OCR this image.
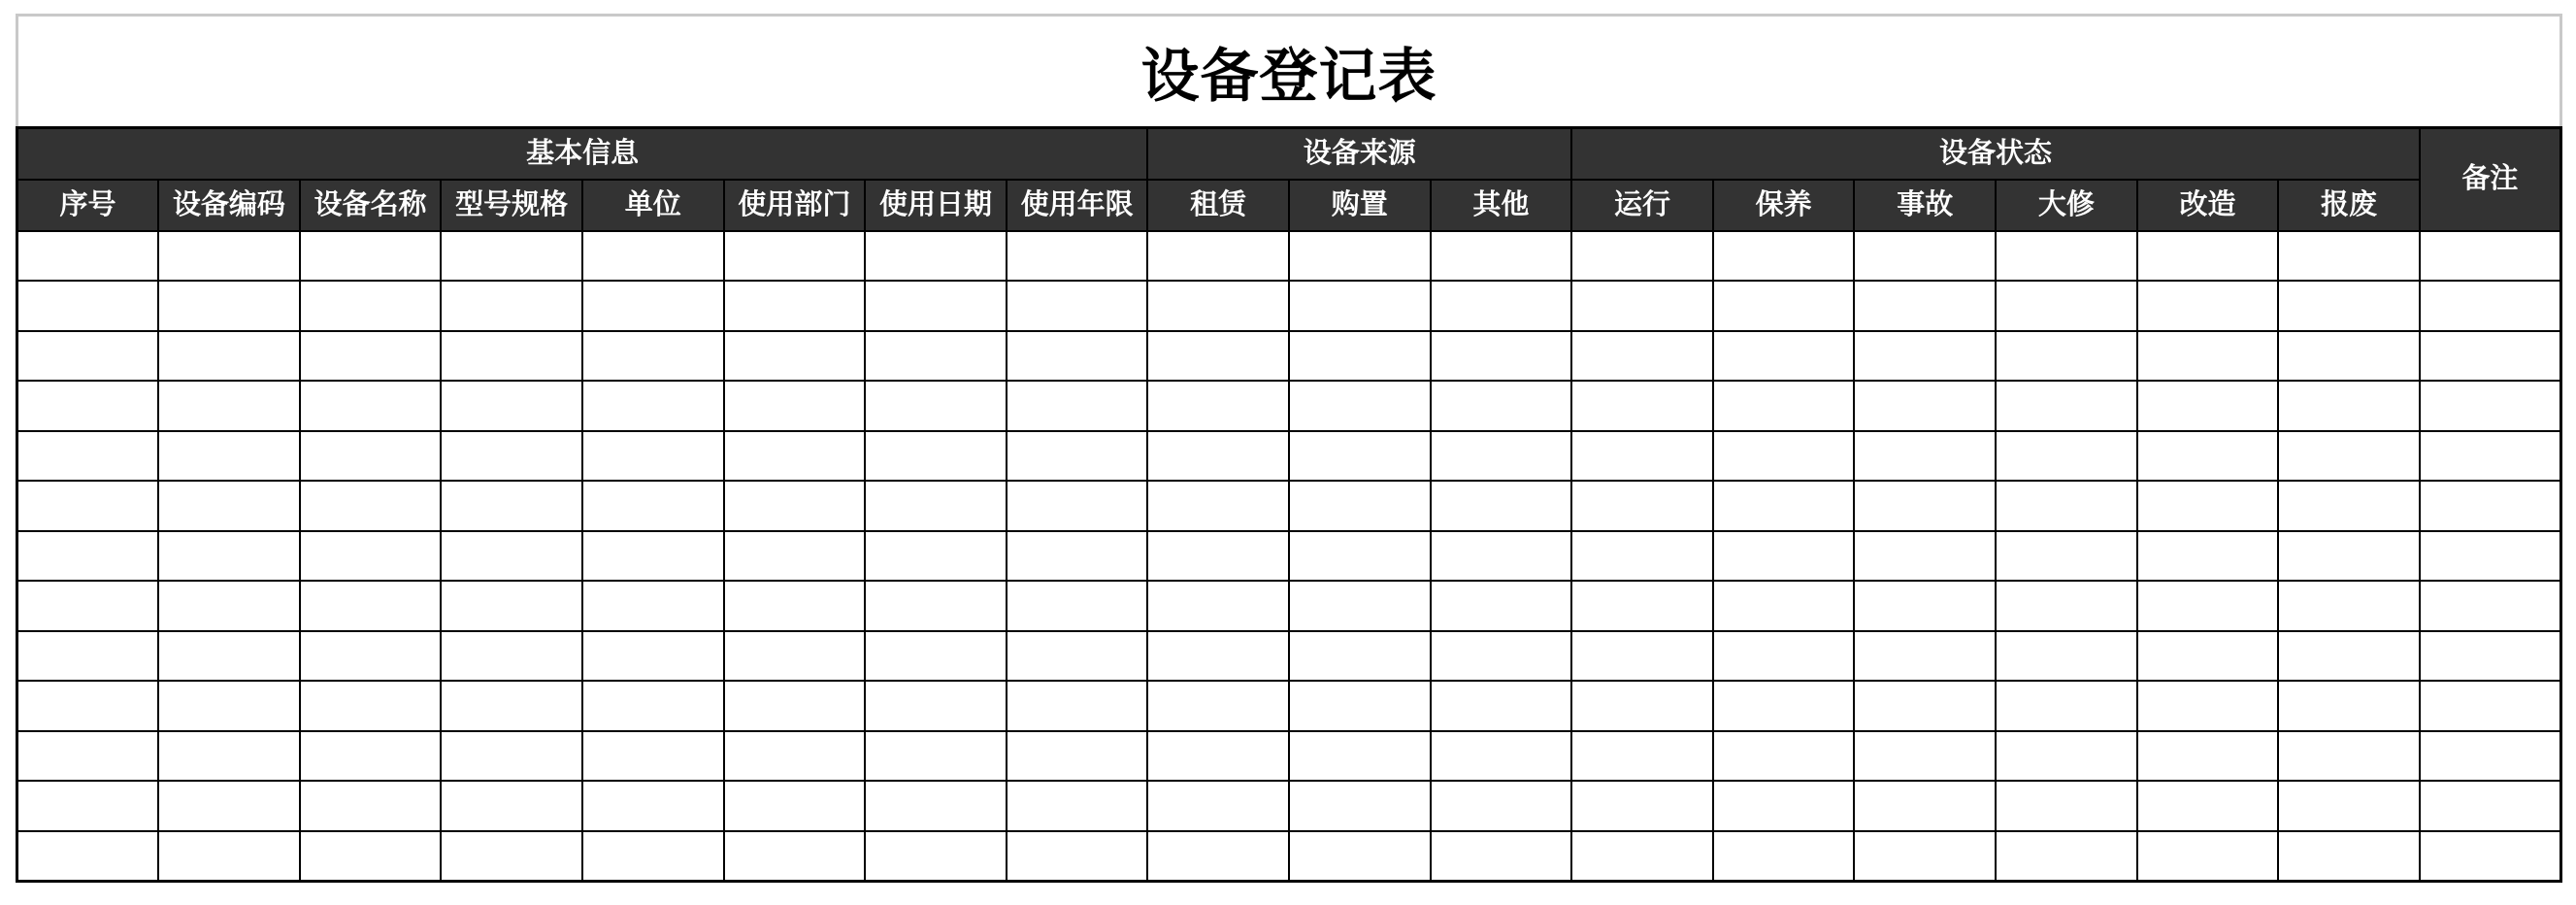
设备登记表
基本信息								设备来源			设备状态						备注
序号	设备编码	设备名称	型号规格	单位	使用部门	使用日期	使用年限	租赁	购置	其他	运行	保养	事故	大修	改造	报废	
